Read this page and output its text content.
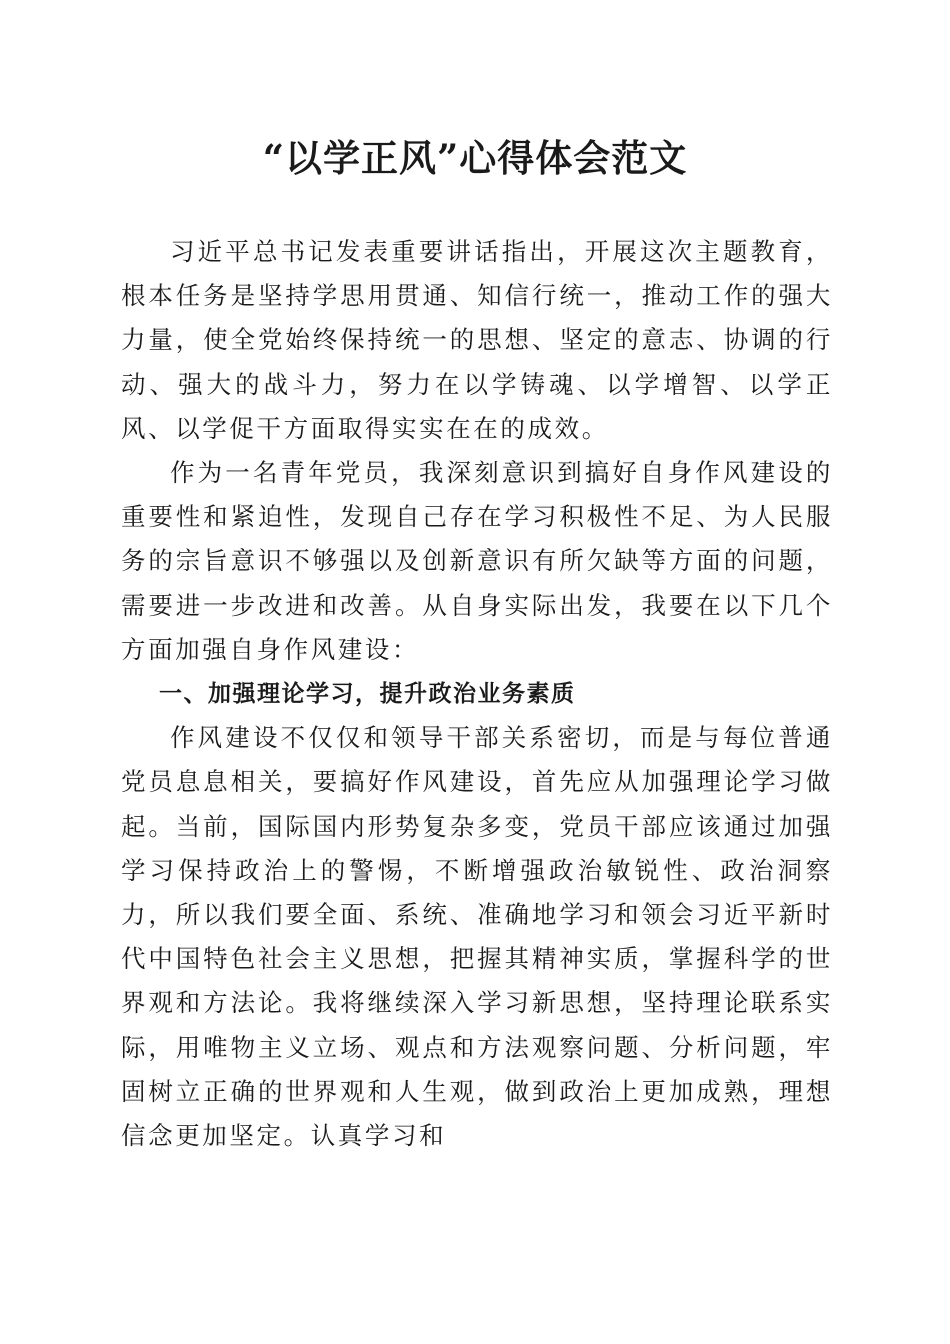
“以学正风”心得体会范文

习近平总书记发表重要讲话指出，开展这次主题教育，根本任务是坚持学思用贯通、知信行统一，推动工作的强大力量，使全党始终保持统一的思想、坚定的意志、协调的行动、强大的战斗力，努力在以学铸魂、以学增智、以学正风、以学促干方面取得实实在在的成效。

作为一名青年党员，我深刻意识到搞好自身作风建设的重要性和紧迫性，发现自己存在学习积极性不足、为人民服务的宗旨意识不够强以及创新意识有所欠缺等方面的问题，需要进一步改进和改善。从自身实际出发，我要在以下几个方面加强自身作风建设：

一、加强理论学习，提升政治业务素质

作风建设不仅仅和领导干部关系密切，而是与每位普通党员息息相关，要搞好作风建设，首先应从加强理论学习做起。当前，国际国内形势复杂多变，党员干部应该通过加强学习保持政治上的警惕，不断增强政治敏锐性、政治洞察力，所以我们要全面、系统、准确地学习和领会习近平新时代中国特色社会主义思想，把握其精神实质，掌握科学的世界观和方法论。我将继续深入学习新思想，坚持理论联系实际，用唯物主义立场、观点和方法观察问题、分析问题，牢固树立正确的世界观和人生观，做到政治上更加成熟，理想信念更加坚定。认真学习和
